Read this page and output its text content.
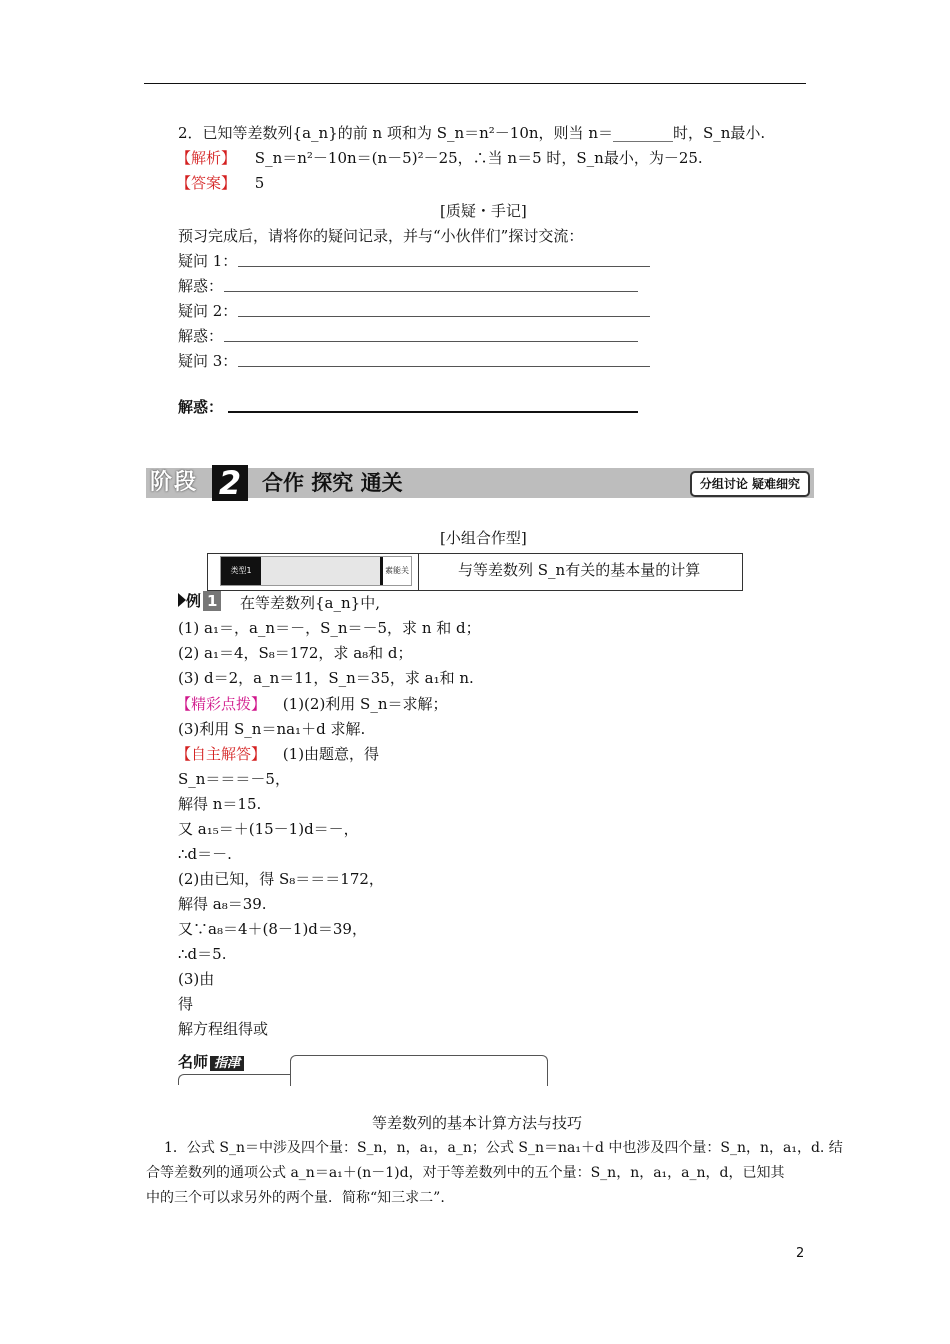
2．已知等差数列{a_n}的前 n 项和为 S_n＝n²－10n，则当 n＝________时，S_n最小.
【解析】 S_n＝n²－10n＝(n－5)²－25，∴当 n＝5 时，S_n最小，为－25.
【答案】 5
[质疑・手记]
预习完成后，请将你的疑问记录，并与“小伙伴们”探讨交流：
疑问 1：
解惑：
疑问 2：
解惑：
疑问 3：
解惑：
阶段 2 合作 探究 通关	分组讨论 疑难细究
[小组合作型]
类型1	素能关	与等差数列 S_n有关的基本量的计算
例 1 在等差数列{a_n}中,
(1) a₁＝，a_n＝－，S_n＝－5，求 n 和 d；
(2) a₁＝4，S₈＝172，求 a₈和 d；
(3) d＝2，a_n＝11，S_n＝35，求 a₁和 n.
【精彩点拨】 (1)(2)利用 S_n＝求解；
(3)利用 S_n＝na₁＋d 求解.
【自主解答】 (1)由题意，得
S_n＝＝＝－5，
解得 n＝15.
又 a₁₅＝＋(15－1)d＝－，
∴d＝－.
(2)由已知，得 S₈＝＝＝172，
解得 a₈＝39.
又∵a₈＝4＋(8－1)d＝39，
∴d＝5.
(3)由
得
解方程组得或
名师 指津
等差数列的基本计算方法与技巧
1．公式 S_n＝中涉及四个量：S_n，n，a₁，a_n；公式 S_n＝na₁＋d 中也涉及四个量：S_n，n，a₁，d. 结
合等差数列的通项公式 a_n＝a₁＋(n－1)d，对于等差数列中的五个量：S_n，n，a₁，a_n，d，已知其
中的三个可以求另外的两个量．简称“知三求二”.
2
